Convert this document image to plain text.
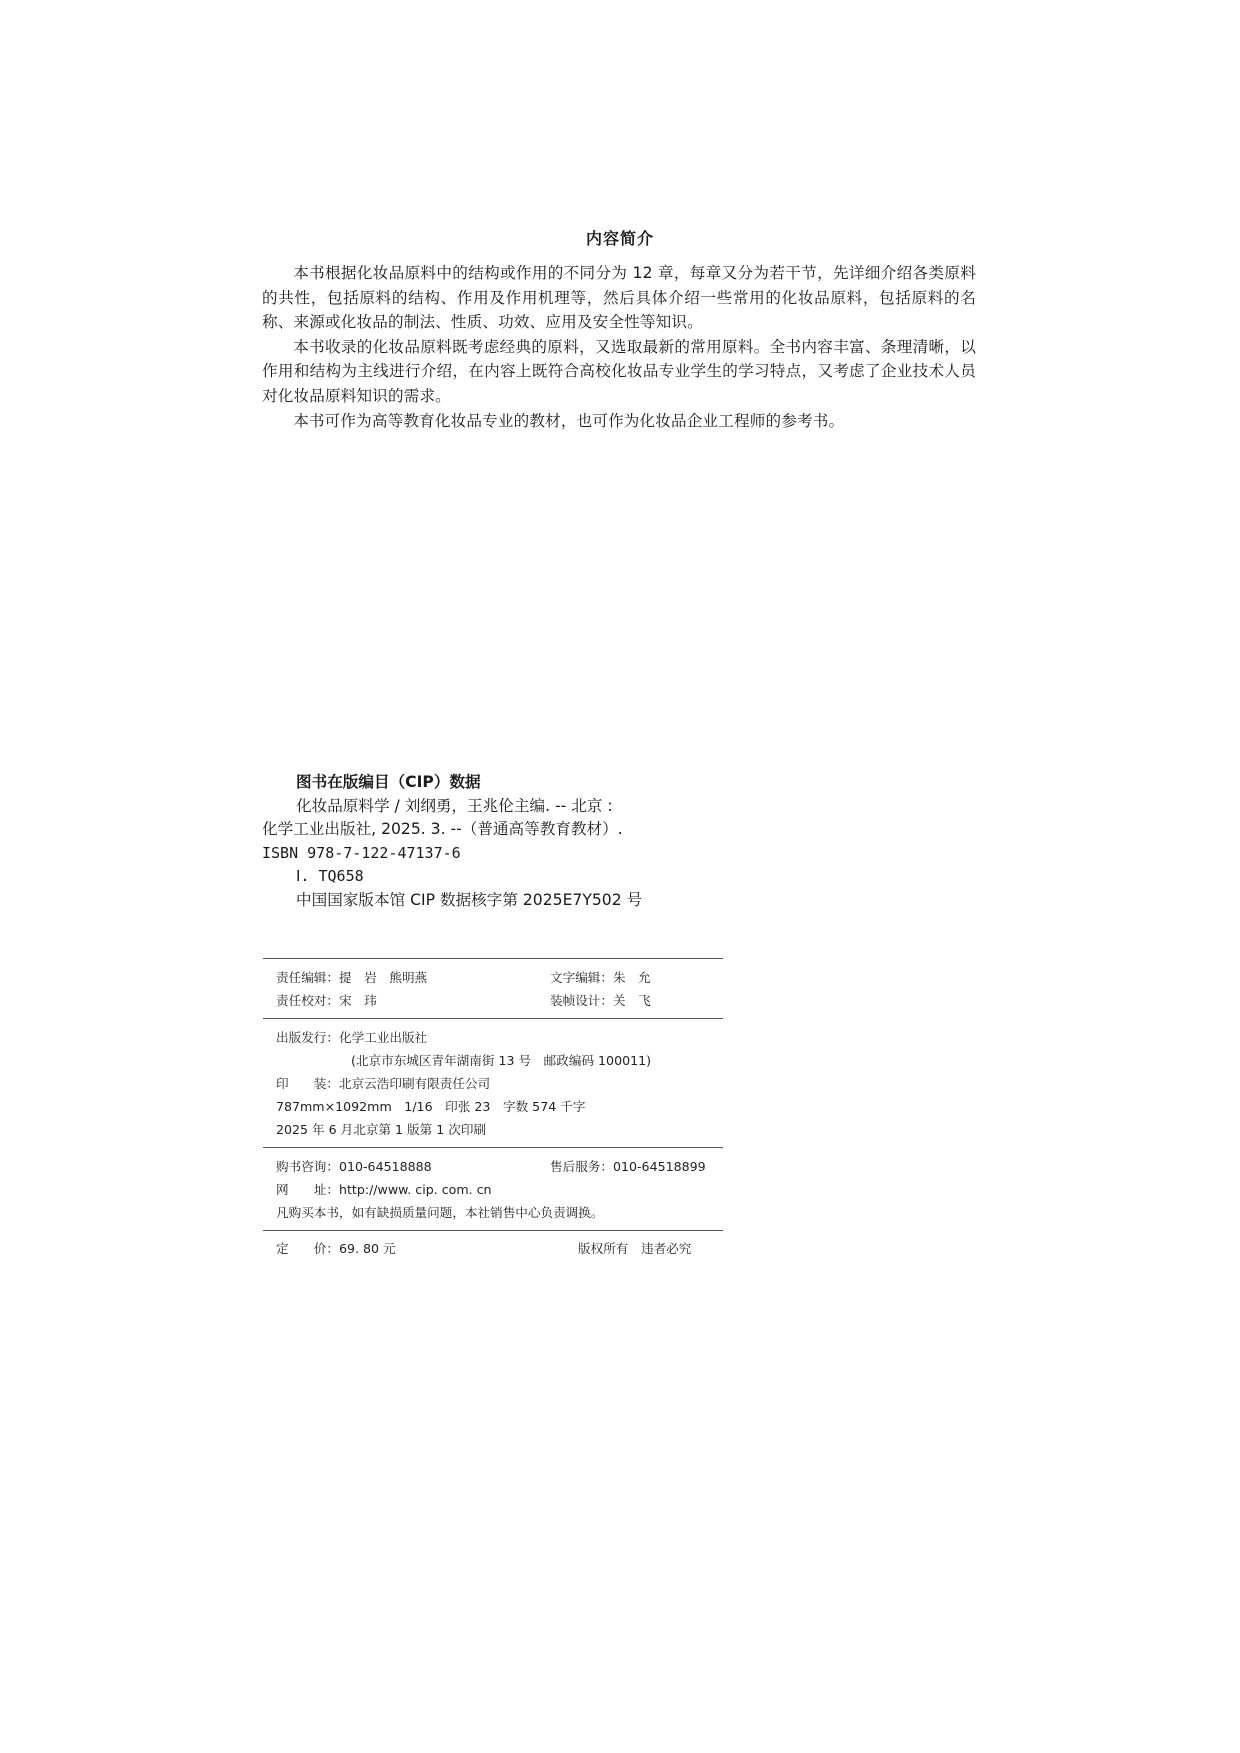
内容简介

本书根据化妆品原料中的结构或作用的不同分为 12 章，每章又分为若干节，先详细介绍各类原料的共性，包括原料的结构、作用及作用机理等，然后具体介绍一些常用的化妆品原料，包括原料的名称、来源或化妆品的制法、性质、功效、应用及安全性等知识。

本书收录的化妆品原料既考虑经典的原料，又选取最新的常用原料。全书内容丰富、条理清晰，以作用和结构为主线进行介绍，在内容上既符合高校化妆品专业学生的学习特点，又考虑了企业技术人员对化妆品原料知识的需求。

本书可作为高等教育化妆品专业的教材，也可作为化妆品企业工程师的参考书。

图书在版编目（CIP）数据
化妆品原料学 / 刘纲勇，王兆伦主编. -- 北京 :
化学工业出版社, 2025. 3. --（普通高等教育教材）.
ISBN 978-7-122-47137-6
Ⅰ. TQ658
中国国家版本馆 CIP 数据核字第 2025E7Y502 号
责任编辑：提　岩　熊明燕	文字编辑：朱　允
责任校对：宋　玮	装帧设计：关　飞
出版发行：化学工业出版社
(北京市东城区青年湖南街 13 号　邮政编码 100011)
印　　装：北京云浩印刷有限责任公司
787mm×1092mm　1/16　印张 23　字数 574 千字
2025 年 6 月北京第 1 版第 1 次印刷
购书咨询：010-64518888	售后服务：010-64518899
网　　址：http://www. cip. com. cn
凡购买本书，如有缺损质量问题，本社销售中心负责调换。
定　　价：69. 80 元	版权所有　违者必究
